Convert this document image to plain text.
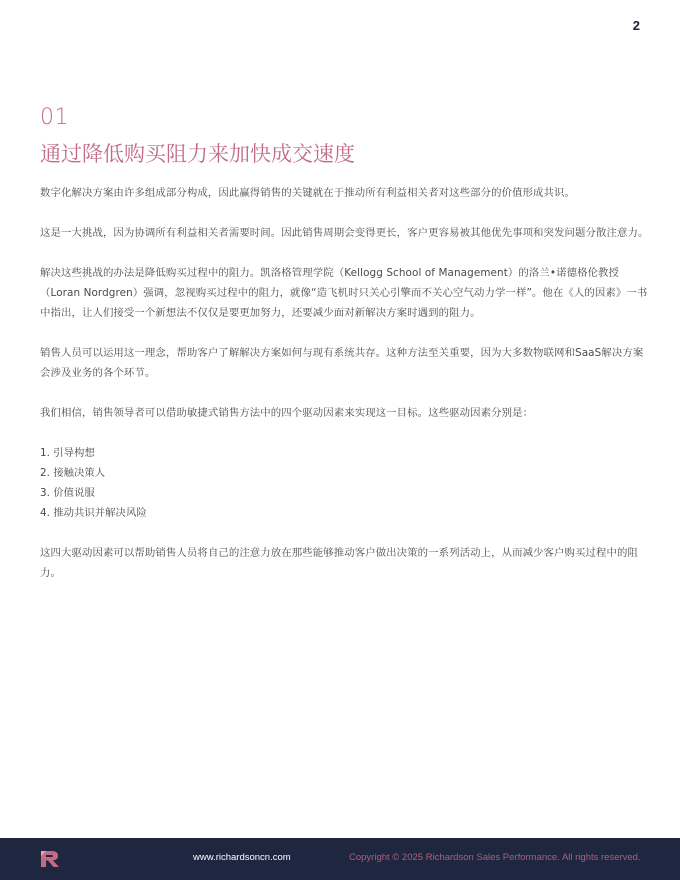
2
01
通过降低购买阻力来加快成交速度

数字化解决方案由许多组成部分构成，因此赢得销售的关键就在于推动所有利益相关者对这些部分的价值形成共识。

这是一大挑战，因为协调所有利益相关者需要时间。因此销售周期会变得更长，客户更容易被其他优先事项和突发问题分散注意力。

解决这些挑战的办法是降低购买过程中的阻力。凯洛格管理学院（Kellogg School of Management）的洛兰•诺德格伦教授（Loran Nordgren）强调，忽视购买过程中的阻力，就像“造飞机时只关心引擎而不关心空气动力学一样”。他在《人的因素》一书中指出，让人们接受一个新想法不仅仅是要更加努力，还要减少面对新解决方案时遇到的阻力。

销售人员可以运用这一理念，帮助客户了解解决方案如何与现有系统共存。这种方法至关重要，因为大多数物联网和SaaS解决方案会涉及业务的各个环节。

我们相信，销售领导者可以借助敏捷式销售方法中的四个驱动因素来实现这一目标。这些驱动因素分别是：

1. 引导构想
2. 接触决策人
3. 价值说服
4. 推动共识并解决风险

这四大驱动因素可以帮助销售人员将自己的注意力放在那些能够推动客户做出决策的一系列活动上，从而减少客户购买过程中的阻力。

www.richardsoncn.com	Copyright © 2025 Richardson Sales Performance. All rights reserved.
